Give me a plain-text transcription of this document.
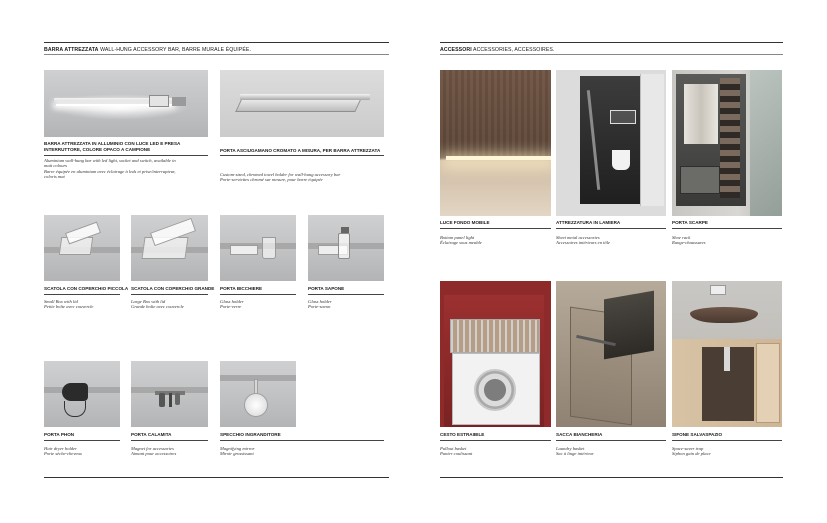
BARRA ATTREZZATA WALL-HUNG ACCESSORY BAR, BARRE MURALE ÉQUIPÉE.	ACCESSORI ACCESSORIES, ACCESSOIRES.
BARRA ATTREZZATA IN ALLUMINIO CON LUCE LED E PRESA
INTERRUTTORE, COLORE OPACO A CAMPIONE
Aluminium wall-hung bar with led light, socket and switch, available in
matt colours
Barre équipée en aluminium avec éclairage à leds et prise/interrupteur,
coloris mat
PORTA ASCIUGAMANO CROMATO A MISURA, PER BARRA ATTREZZATA
Custom-sized, chromed towel holder for wall-hung accessory bar
Porte-serviettes chromé sur mesure, pour barre équipée
SCATOLA CON COPERCHIO PICCOLA
Small Box with lid
Petite boîte avec couvercle
SCATOLA CON COPERCHIO GRANDE
Large Box with lid
Grande boîte avec couvercle
PORTA BICCHIERE
Glass holder
Porte-verre
PORTA SAPONE
Glass holder
Porte-savon
PORTA PHON
Hair dryer holder
Porte sèche-cheveux
PORTA CALAMITA
Magnet for accessories
Aimant pour accessoires
SPECCHIO INGRANDITORE
Magnifying mirror
Miroir grossissant
LUCE FONDO MOBILE
Bottom panel light
Éclairage sous meuble
ATTREZZATURA IN LAMIERA
Sheet metal accessories
Accessoires intérieurs en tôle
PORTA SCARPE
Shoe rack
Range-chaussures
CESTO ESTRAIBILE
Pullout basket
Panier coulissant
SACCA BIANCHERIA
Laundry basket
Sac à linge intérieur
SIFONE SALVASPAZIO
Space-saver trap
Siphon gain de place
